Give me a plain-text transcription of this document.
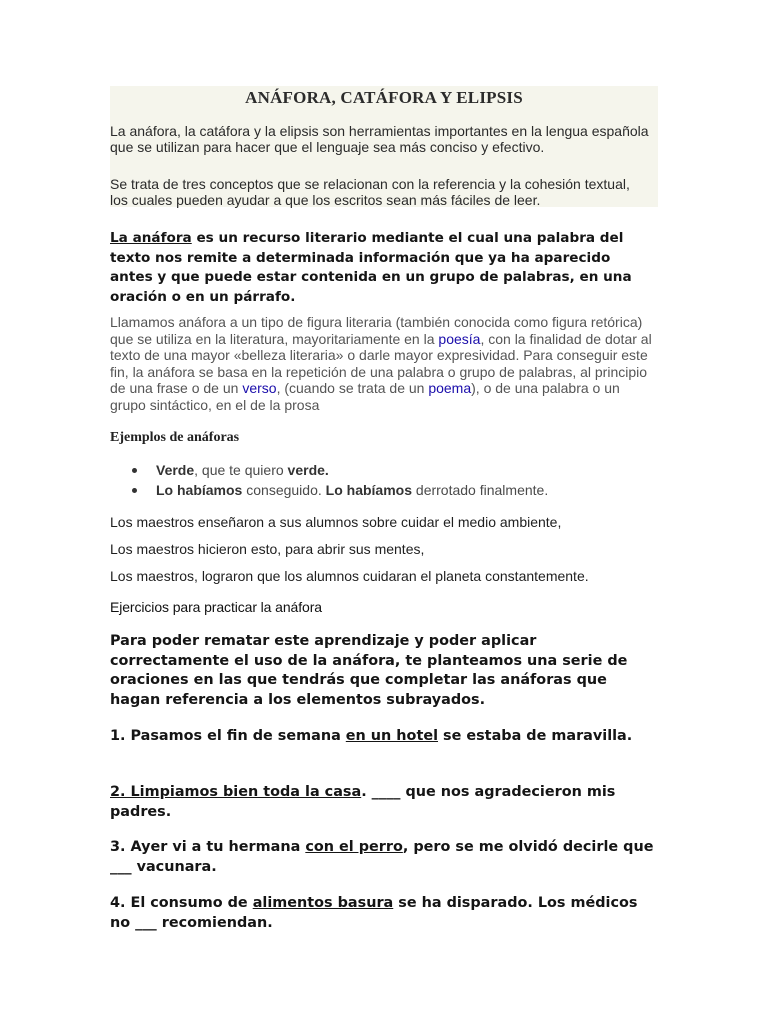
ANÁFORA, CATÁFORA Y ELIPSIS

La anáfora, la catáfora y la elipsis son herramientas importantes en la lengua española que se utilizan para hacer que el lenguaje sea más conciso y efectivo.

Se trata de tres conceptos que se relacionan con la referencia y la cohesión textual, los cuales pueden ayudar a que los escritos sean más fáciles de leer.

La anáfora es un recurso literario mediante el cual una palabra del texto nos remite a determinada información que ya ha aparecido antes y que puede estar contenida en un grupo de palabras, en una oración o en un párrafo.

Llamamos anáfora a un tipo de figura literaria (también conocida como figura retórica) que se utiliza en la literatura, mayoritariamente en la poesía, con la finalidad de dotar al texto de una mayor «belleza literaria» o darle mayor expresividad. Para conseguir este fin, la anáfora se basa en la repetición de una palabra o grupo de palabras, al principio de una frase o de un verso, (cuando se trata de un poema), o de una palabra o un grupo sintáctico, en el de la prosa

Ejemplos de anáforas
Verde, que te quiero verde.
Lo habíamos conseguido. Lo habíamos derrotado finalmente.

Los maestros enseñaron a sus alumnos sobre cuidar el medio ambiente,

Los maestros hicieron esto, para abrir sus mentes,

Los maestros, lograron que los alumnos cuidaran el planeta constantemente.

Ejercicios para practicar la anáfora

Para poder rematar este aprendizaje y poder aplicar correctamente el uso de la anáfora, te planteamos una serie de oraciones en las que tendrás que completar las anáforas que hagan referencia a los elementos subrayados.

1. Pasamos el fin de semana en un hotel se estaba de maravilla.

2. Limpiamos bien toda la casa. ____ que nos agradecieron mis padres.

3. Ayer vi a tu hermana con el perro, pero se me olvidó decirle que ___ vacunara.

4. El consumo de alimentos basura se ha disparado. Los médicos no ___ recomiendan.
